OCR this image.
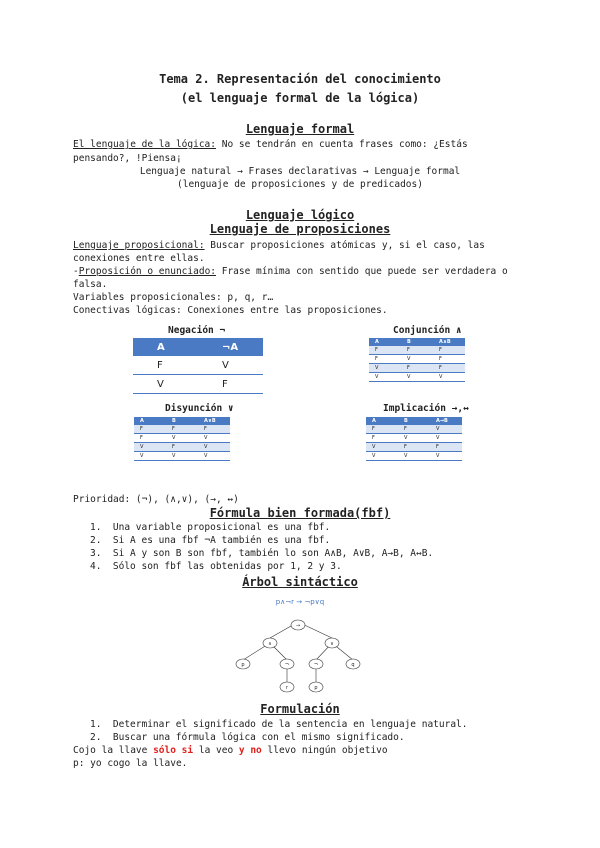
Tema 2. Representación del conocimiento
(el lenguaje formal de la lógica)
Lenguaje formal
El lenguaje de la lógica: No se tendrán en cuenta frases como: ¿Estás
pensando?, !Piensa¡
Lenguaje natural → Frases declarativas → Lenguaje formal
(lenguaje de proposiciones y de predicados)
Lenguaje lógico
Lenguaje de proposiciones
Lenguaje proposicional: Buscar proposiciones atómicas y, si el caso, las
conexiones entre ellas.
-Proposición o enunciado: Frase mínima con sentido que puede ser verdadera o
falsa.
Variables proposicionales: p, q, r…
Conectivas lógicas: Conexiones entre las proposiciones.
Negación ¬
A	¬A
F	V
V	F
Conjunción ∧
A	B	A∧B
F	F	F
F	V	F
V	F	F
V	V	V
Disyunción ∨
A	B	A∨B
F	F	F
F	V	V
V	F	V
V	V	V
Implicación →,↔
A	B	A→B
F	F	V
F	V	V
V	F	F
V	V	V
Prioridad: (¬), (∧,∨), (→, ↔)
Fórmula bien formada(fbf)
1.  Una variable proposicional es una fbf.
2.  Si A es una fbf ¬A también es una fbf.
3.  Si A y son B son fbf, también lo son A∧B, A∨B, A→B, A↔B.
4.  Sólo son fbf las obtenidas por 1, 2 y 3.
Árbol sintáctico
p∧¬r → ¬p∨q
→
∧	∨
p	¬	¬	q
r	p
Formulación
1.  Determinar el significado de la sentencia en lenguaje natural.
2.  Buscar una fórmula lógica con el mismo significado.
Cojo la llave sólo si la veo y no llevo ningún objetivo
p: yo cogo la llave.
